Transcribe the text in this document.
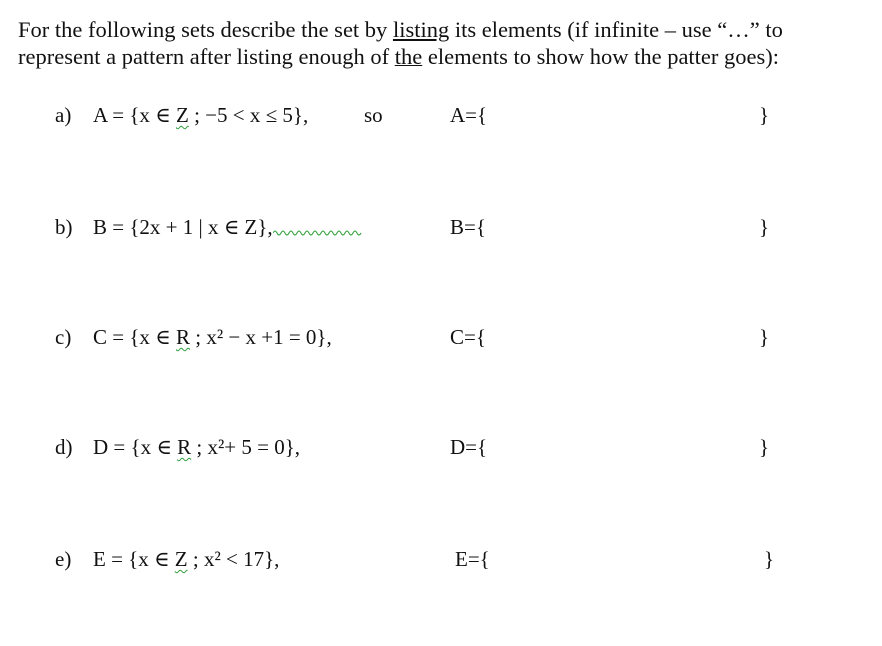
For the following sets describe the set by listing its elements (if infinite – use “…” to represent a pattern after listing enough of the elements to show how the patter goes):
a) A = {x ∈ Z ; −5 < x ≤ 5},	so	A={	}
b) B = {2x + 1 | x ∈ Z},	B={	}
c) C = {x ∈ R ; x² − x +1 = 0},	C={	}
d) D = {x ∈ R ; x²+ 5 = 0},	D={	}
e) E = {x ∈ Z ; x² < 17},	E={	}
